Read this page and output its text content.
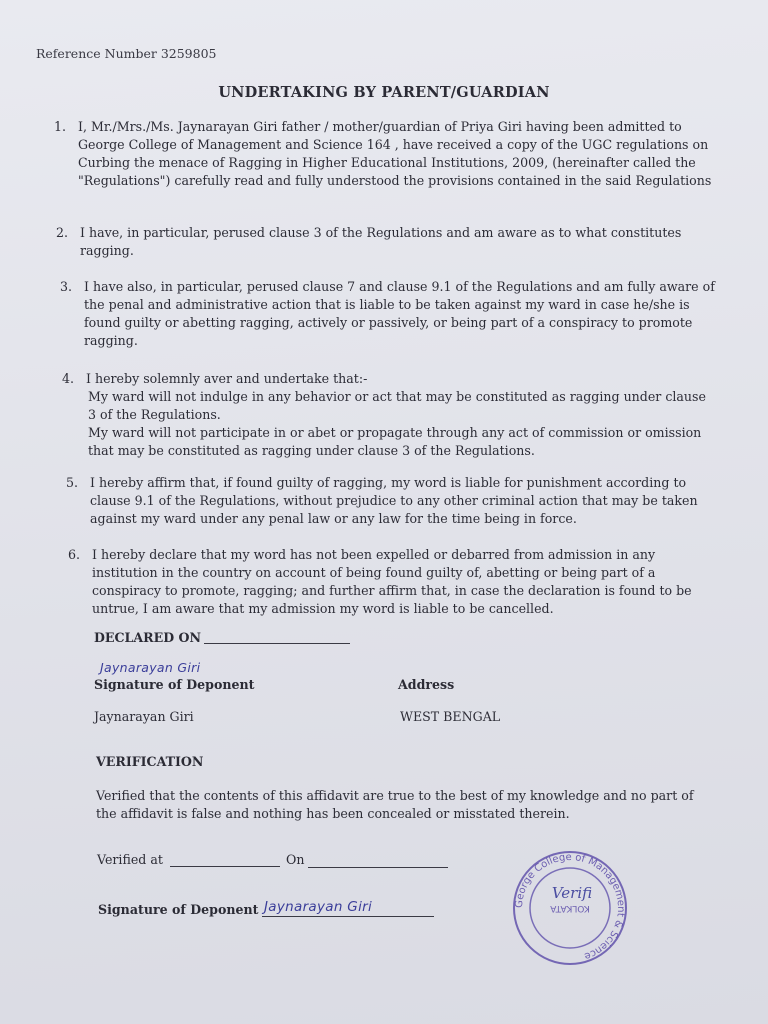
Reference Number 3259805
UNDERTAKING BY PARENT/GUARDIAN
1. I, Mr./Mrs./Ms. Jaynarayan Giri father / mother/guardian of Priya Giri having been admitted to George College of Management and Science 164 , have received a copy of the UGC regulations on Curbing the menace of Ragging in Higher Educational Institutions, 2009, (hereinafter called the "Regulations") carefully read and fully understood the provisions contained in the said Regulations

2. I have, in particular, perused clause 3 of the Regulations and am aware as to what constitutes ragging.

3. I have also, in particular, perused clause 7 and clause 9.1 of the Regulations and am fully aware of the penal and administrative action that is liable to be taken against my ward in case he/she is found guilty or abetting ragging, actively or passively, or being part of a conspiracy to promote ragging.

4. I hereby solemnly aver and undertake that:-

My ward will not indulge in any behavior or act that may be constituted as ragging under clause 3 of the Regulations.

My ward will not participate in or abet or propagate through any act of commission or omission that may be constituted as ragging under clause 3 of the Regulations.

5. I hereby affirm that, if found guilty of ragging, my word is liable for punishment according to clause 9.1 of the Regulations, without prejudice to any other criminal action that may be taken against my ward under any penal law or any law for the time being in force.

6. I hereby declare that my word has not been expelled or debarred from admission in any institution in the country on account of being found guilty of, abetting or being part of a conspiracy to promote, ragging; and further affirm that, in case the declaration is found to be untrue, I am aware that my admission my word is liable to be cancelled.

DECLARED ON
Jaynarayan Giri
Signature of Deponent	Address
Jaynarayan Giri	WEST BENGAL
VERIFICATION

Verified that the contents of this affidavit are true to the best of my knowledge and no part of the affidavit is false and nothing has been concealed or misstated therein.

Verified at	On
Signature of Deponent Jaynarayan Giri	George College of Management & Science
KOLKATA
Verifi
